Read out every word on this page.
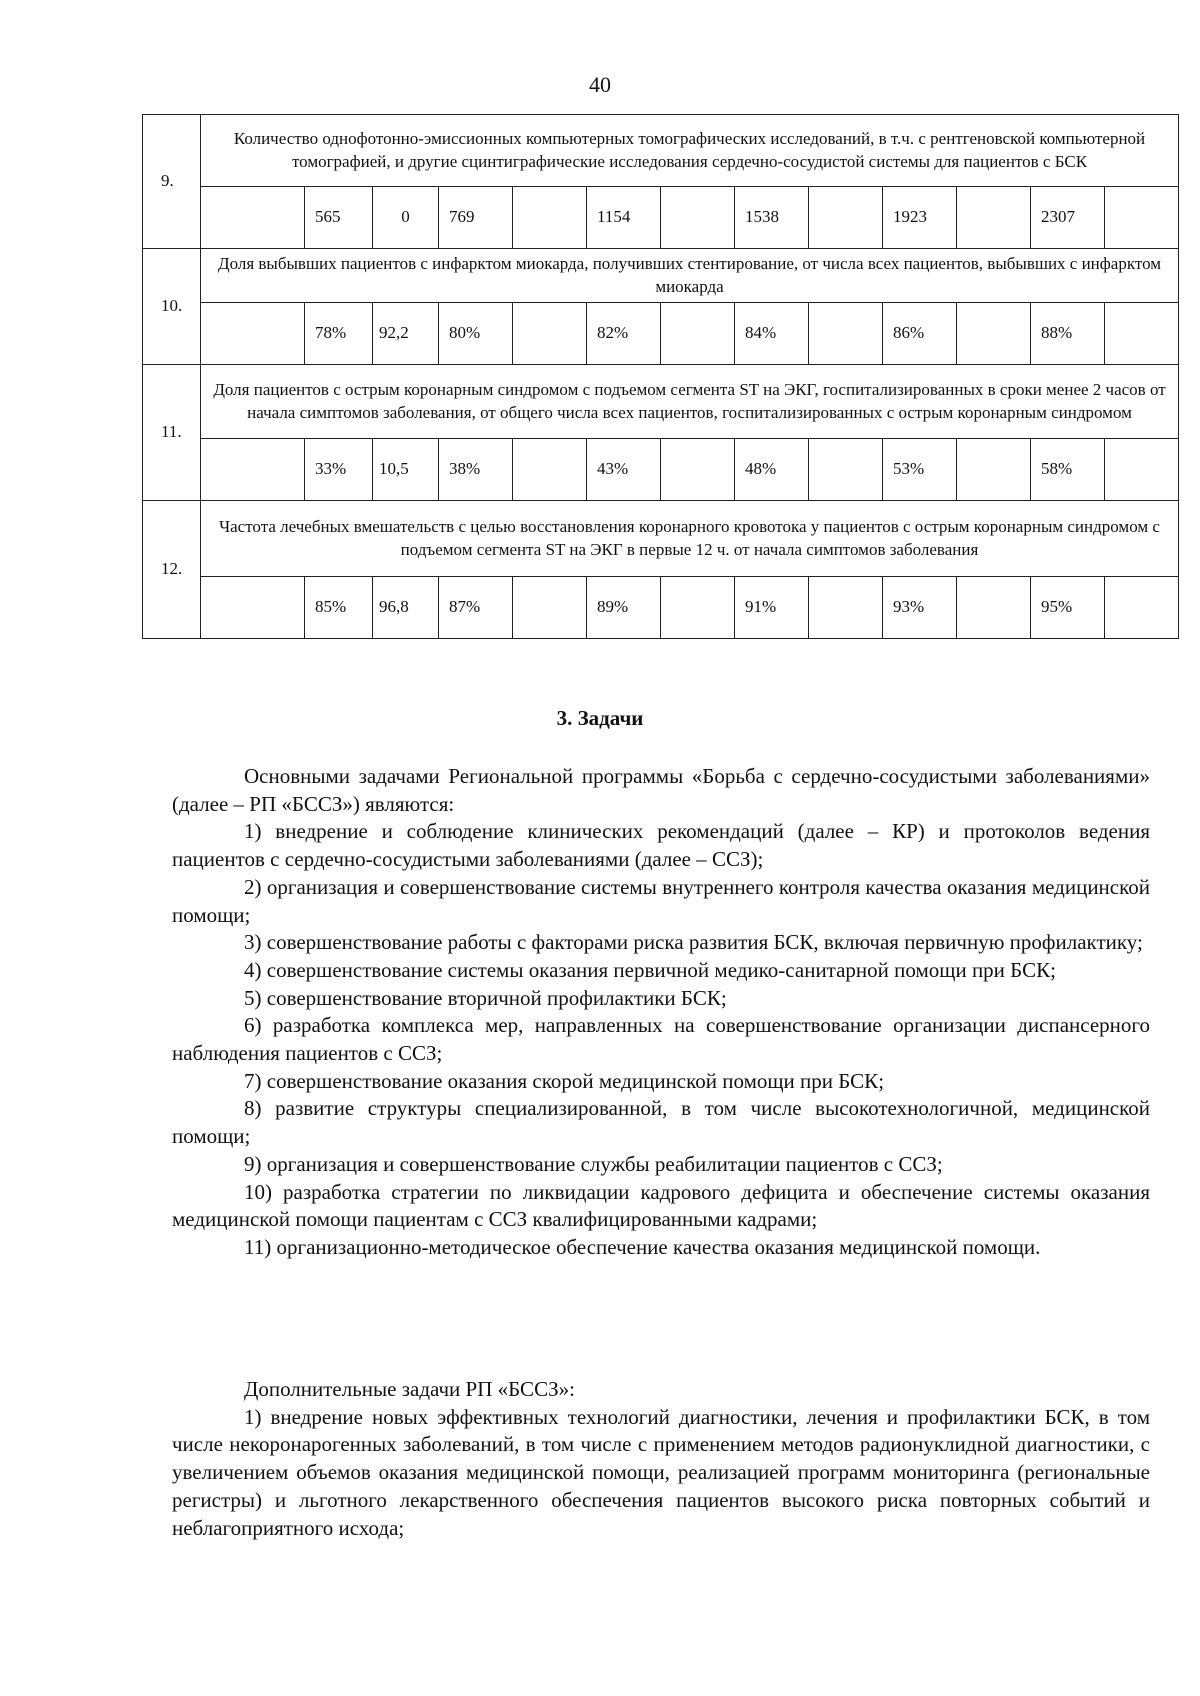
40
9.	Количество однофотонно-эмиссионных компьютерных томографических исследований, в т.ч. с рентгеновской компьютерной томографией, и другие сцинтиграфические исследования сердечно-сосудистой системы для пациентов с БСК												
		565	0	769		1154		1538		1923		2307	
10.	Доля выбывших пациентов с инфарктом миокарда, получивших стентирование, от числа всех пациентов, выбывших с инфарктом миокарда												
		78%	92,2	80%		82%		84%		86%		88%	
11.	Доля пациентов с острым коронарным синдромом с подъемом сегмента ST на ЭКГ, госпитализированных в сроки менее 2 часов от начала симптомов заболевания, от общего числа всех пациентов, госпитализированных с острым коронарным синдромом												
		33%	10,5	38%		43%		48%		53%		58%	
12.	Частота лечебных вмешательств с целью восстановления коронарного кровотока у пациентов с острым коронарным синдромом с подъемом сегмента ST на ЭКГ в первые 12 ч. от начала симптомов заболевания												
		85%	96,8	87%		89%		91%		93%		95%	
3. Задачи

Основными задачами Региональной программы «Борьба с сердечно-сосудистыми заболеваниями» (далее – РП «БССЗ») являются:

1) внедрение и соблюдение клинических рекомендаций (далее – КР) и протоколов ведения пациентов с сердечно-сосудистыми заболеваниями (далее – ССЗ);

2) организация и совершенствование системы внутреннего контроля качества оказания медицинской помощи;

3) совершенствование работы с факторами риска развития БСК, включая первичную профилактику;

4) совершенствование системы оказания первичной медико-санитарной помощи при БСК;

5) совершенствование вторичной профилактики БСК;

6) разработка комплекса мер, направленных на совершенствование организации диспансерного наблюдения пациентов с ССЗ;

7) совершенствование оказания скорой медицинской помощи при БСК;

8) развитие структуры специализированной, в том числе высокотехнологичной, медицинской помощи;

9) организация и совершенствование службы реабилитации пациентов с ССЗ;

10) разработка стратегии по ликвидации кадрового дефицита и обеспечение системы оказания медицинской помощи пациентам с ССЗ квалифицированными кадрами;

11) организационно-методическое обеспечение качества оказания медицинской помощи.

Дополнительные задачи РП «БССЗ»:

1) внедрение новых эффективных технологий диагностики, лечения и профилактики БСК, в том числе некоронарогенных заболеваний, в том числе с применением методов радионуклидной диагностики, с увеличением объемов оказания медицинской помощи, реализацией программ мониторинга (региональные регистры) и льготного лекарственного обеспечения пациентов высокого риска повторных событий и неблагоприятного исхода;
